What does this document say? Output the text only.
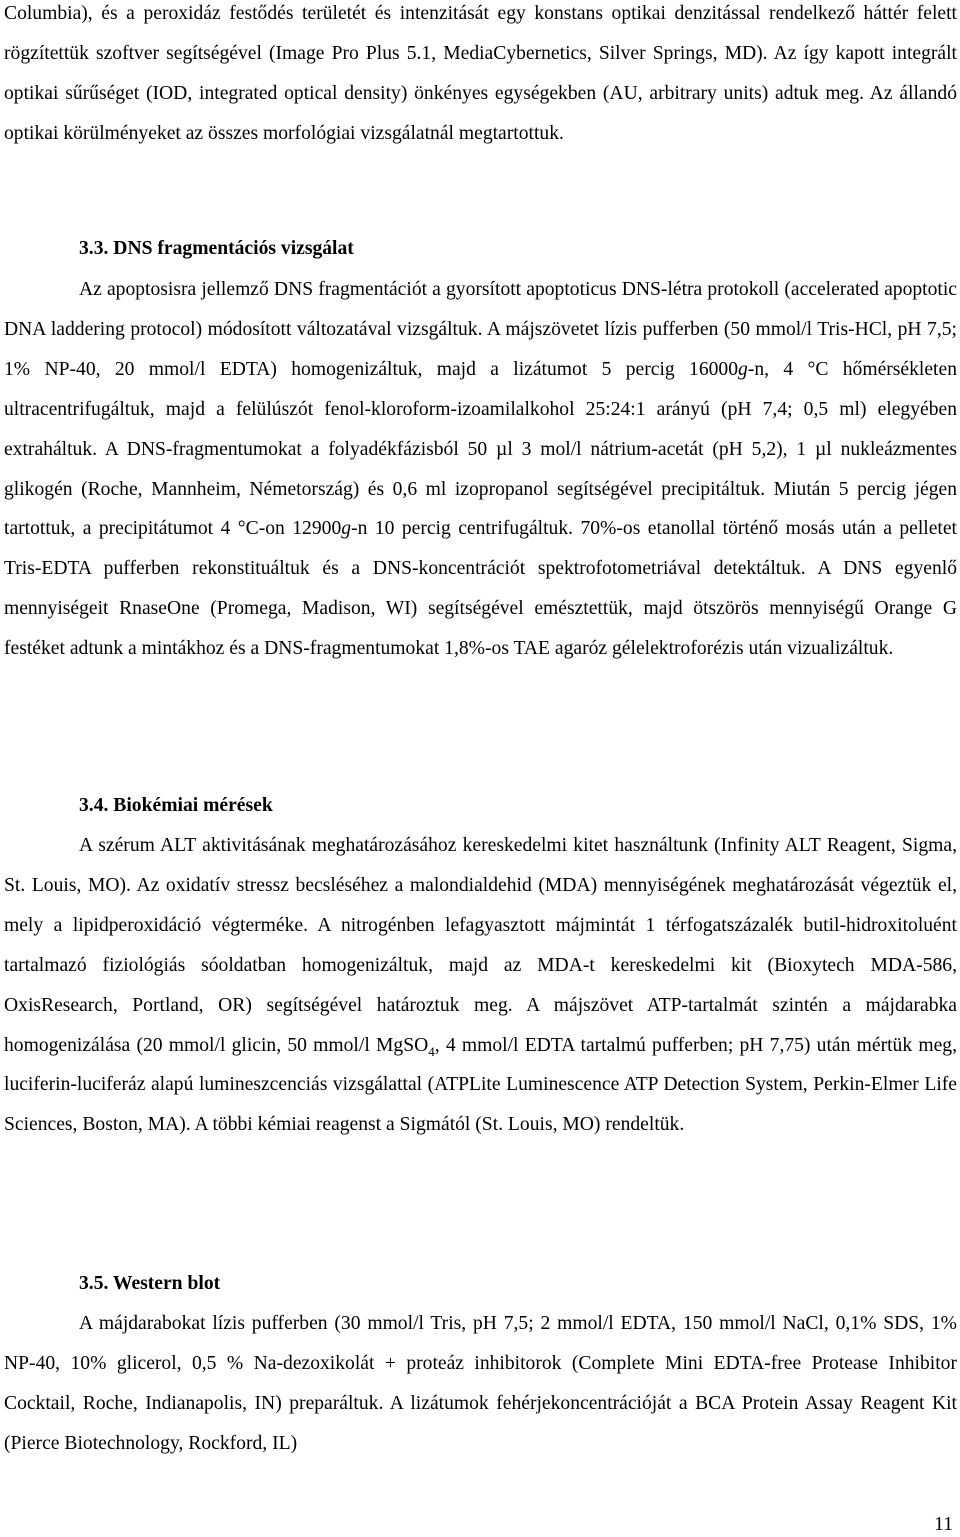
Columbia), és a peroxidáz festődés területét és intenzitását egy konstans optikai denzitással rendelkező háttér felett rögzítettük szoftver segítségével (Image Pro Plus 5.1, MediaCybernetics, Silver Springs, MD). Az így kapott integrált optikai sűrűséget (IOD, integrated optical density) önkényes egységekben (AU, arbitrary units) adtuk meg. Az állandó optikai körülményeket az összes morfológiai vizsgálatnál megtartottuk.

3.3. DNS fragmentációs vizsgálat

Az apoptosisra jellemző DNS fragmentációt a gyorsított apoptoticus DNS-létra protokoll (accelerated apoptotic DNA laddering protocol) módosított változatával vizsgáltuk. A májszövetet lízis pufferben (50 mmol/l Tris-HCl, pH 7,5; 1% NP-40, 20 mmol/l EDTA) homogenizáltuk, majd a lizátumot 5 percig 16000g-n, 4 °C hőmérsékleten ultracentrifugáltuk, majd a felülúszót fenol-kloroform-izoamilalkohol 25:24:1 arányú (pH 7,4; 0,5 ml) elegyében extraháltuk. A DNS-fragmentumokat a folyadékfázisból 50 µl 3 mol/l nátrium-acetát (pH 5,2), 1 µl nukleázmentes glikogén (Roche, Mannheim, Németország) és 0,6 ml izopropanol segítségével precipitáltuk. Miután 5 percig jégen tartottuk, a precipitátumot 4 °C-on 12900g-n 10 percig centrifugáltuk. 70%-os etanollal történő mosás után a pelletet Tris-EDTA pufferben rekonstituáltuk és a DNS-koncentrációt spektrofotometriával detektáltuk. A DNS egyenlő mennyiségeit RnaseOne (Promega, Madison, WI) segítségével emésztettük, majd ötszörös mennyiségű Orange G festéket adtunk a mintákhoz és a DNS-fragmentumokat 1,8%-os TAE agaróz gélelektroforézis után vizualizáltuk.

3.4. Biokémiai mérések

A szérum ALT aktivitásának meghatározásához kereskedelmi kitet használtunk (Infinity ALT Reagent, Sigma, St. Louis, MO). Az oxidatív stressz becsléséhez a malondialdehid (MDA) mennyiségének meghatározását végeztük el, mely a lipidperoxidáció végterméke. A nitrogénben lefagyasztott májmintát 1 térfogatszázalék butil-hidroxitoluént tartalmazó fiziológiás sóoldatban homogenizáltuk, majd az MDA-t kereskedelmi kit (Bioxytech MDA-586, OxisResearch, Portland, OR) segítségével határoztuk meg. A májszövet ATP-tartalmát szintén a májdarabka homogenizálása (20 mmol/l glicin, 50 mmol/l MgSO$_4$, 4 mmol/l EDTA tartalmú pufferben; pH 7,75) után mértük meg, luciferin-luciferáz alapú lumineszcenciás vizsgálattal (ATPLite Luminescence ATP Detection System, Perkin-Elmer Life Sciences, Boston, MA). A többi kémiai reagenst a Sigmától (St. Louis, MO) rendeltük.

3.5. Western blot

A májdarabokat lízis pufferben (30 mmol/l Tris, pH 7,5; 2 mmol/l EDTA, 150 mmol/l NaCl, 0,1% SDS, 1% NP-40, 10% glicerol, 0,5 % Na-dezoxikolát + proteáz inhibitorok (Complete Mini EDTA-free Protease Inhibitor Cocktail, Roche, Indianapolis, IN) preparáltuk. A lizátumok fehérjekoncentrációját a BCA Protein Assay Reagent Kit (Pierce Biotechnology, Rockford, IL)

11
